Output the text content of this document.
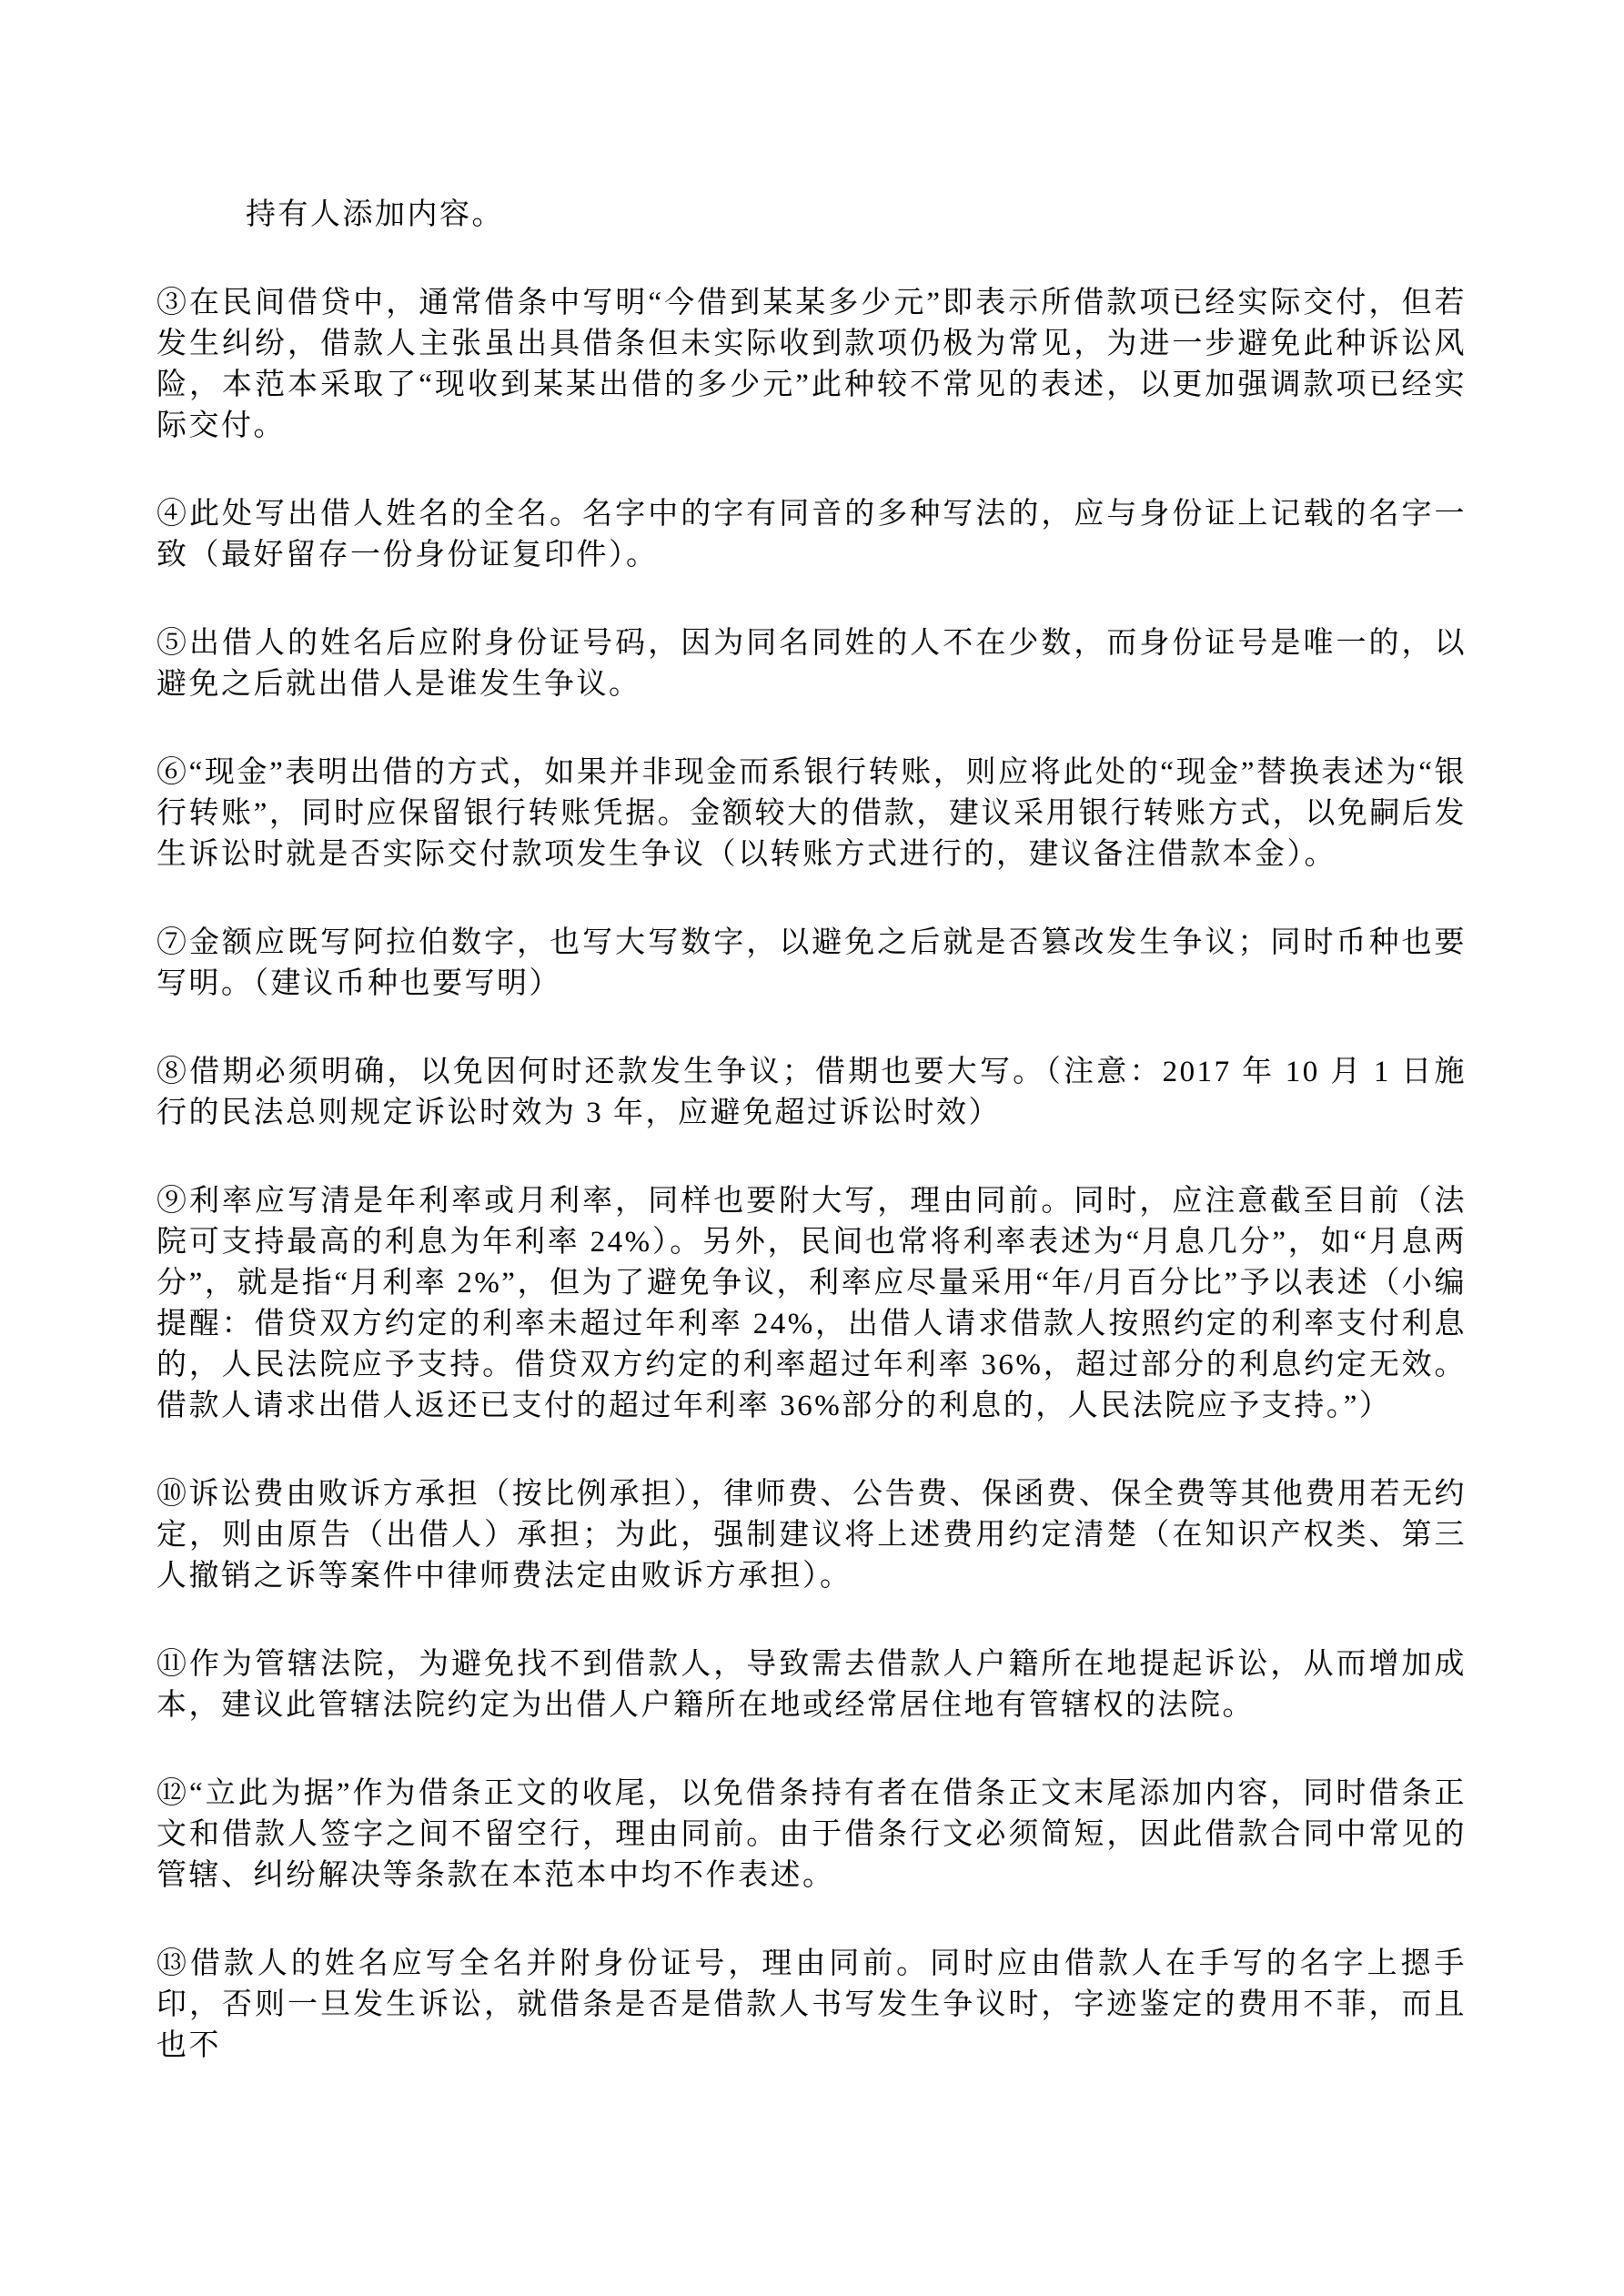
持有人添加内容。

③在民间借贷中，通常借条中写明“今借到某某多少元”即表示所借款项已经实际交付，但若发生纠纷，借款人主张虽出具借条但未实际收到款项仍极为常见，为进一步避免此种诉讼风险，本范本采取了“现收到某某出借的多少元”此种较不常见的表述，以更加强调款项已经实际交付。

④此处写出借人姓名的全名。名字中的字有同音的多种写法的，应与身份证上记载的名字一致（最好留存一份身份证复印件）。

⑤出借人的姓名后应附身份证号码，因为同名同姓的人不在少数，而身份证号是唯一的，以避免之后就出借人是谁发生争议。

⑥“现金”表明出借的方式，如果并非现金而系银行转账，则应将此处的“现金”替换表述为“银行转账”，同时应保留银行转账凭据。金额较大的借款，建议采用银行转账方式，以免嗣后发生诉讼时就是否实际交付款项发生争议（以转账方式进行的，建议备注借款本金）。

⑦金额应既写阿拉伯数字，也写大写数字，以避免之后就是否篡改发生争议；同时币种也要写明。（建议币种也要写明）

⑧借期必须明确，以免因何时还款发生争议；借期也要大写。（注意：2017 年 10 月 1 日施行的民法总则规定诉讼时效为 3 年，应避免超过诉讼时效）

⑨利率应写清是年利率或月利率，同样也要附大写，理由同前。同时，应注意截至目前（法院可支持最高的利息为年利率 24%）。另外，民间也常将利率表述为“月息几分”，如“月息两分”，就是指“月利率 2%”，但为了避免争议，利率应尽量采用“年/月百分比”予以表述（小编提醒：借贷双方约定的利率未超过年利率 24%，出借人请求借款人按照约定的利率支付利息的，人民法院应予支持。借贷双方约定的利率超过年利率 36%，超过部分的利息约定无效。借款人请求出借人返还已支付的超过年利率 36%部分的利息的，人民法院应予支持。”）

⑩诉讼费由败诉方承担（按比例承担），律师费、公告费、保函费、保全费等其他费用若无约定，则由原告（出借人）承担；为此，强制建议将上述费用约定清楚（在知识产权类、第三人撤销之诉等案件中律师费法定由败诉方承担）。

⑪作为管辖法院，为避免找不到借款人，导致需去借款人户籍所在地提起诉讼，从而增加成本，建议此管辖法院约定为出借人户籍所在地或经常居住地有管辖权的法院。

⑫“立此为据”作为借条正文的收尾，以免借条持有者在借条正文末尾添加内容，同时借条正文和借款人签字之间不留空行，理由同前。由于借条行文必须简短，因此借款合同中常见的管辖、纠纷解决等条款在本范本中均不作表述。

⑬借款人的姓名应写全名并附身份证号，理由同前。同时应由借款人在手写的名字上摁手印，否则一旦发生诉讼，就借条是否是借款人书写发生争议时，字迹鉴定的费用不菲，而且也不
